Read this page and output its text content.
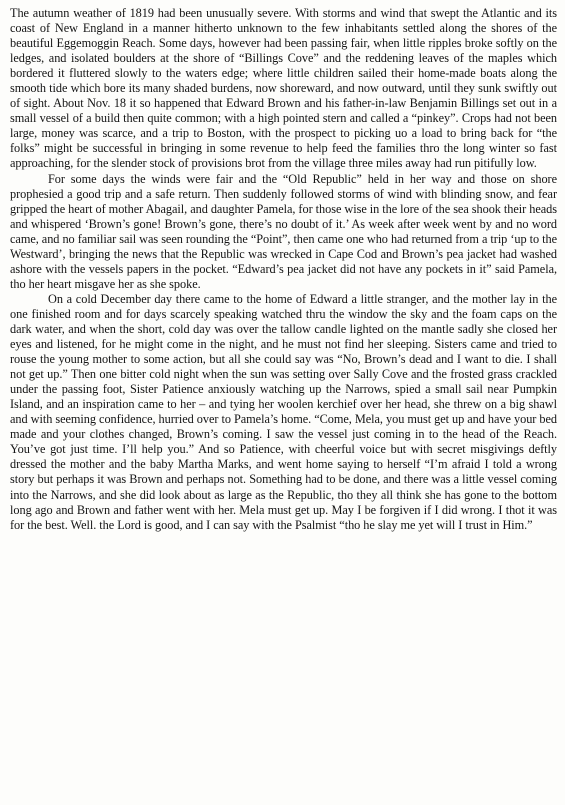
The autumn weather of 1819 had been unusually severe. With storms and wind that swept the Atlantic and its coast of New England in a manner hitherto unknown to the few inhabitants settled along the shores of the beautiful Eggemoggin Reach. Some days, however had been passing fair, when little ripples broke softly on the ledges, and isolated boulders at the shore of “Billings Cove” and the reddening leaves of the maples which bordered it fluttered slowly to the waters edge; where little children sailed their home-made boats along the smooth tide which bore its many shaded burdens, now shoreward, and now outward, until they sunk swiftly out of sight. About Nov. 18 it so happened that Edward Brown and his father-in-law Benjamin Billings set out in a small vessel of a build then quite common; with a high pointed stern and called a “pinkey”. Crops had not been large, money was scarce, and a trip to Boston, with the prospect to picking uo a load to bring back for “the folks” might be successful in bringing in some revenue to help feed the families thro the long winter so fast approaching, for the slender stock of provisions brot from the village three miles away had run pitifully low.

For some days the winds were fair and the “Old Republic” held in her way and those on shore prophesied a good trip and a safe return. Then suddenly followed storms of wind with blinding snow, and fear gripped the heart of mother Abagail, and daughter Pamela, for those wise in the lore of the sea shook their heads and whispered ‘Brown’s gone! Brown’s gone, there’s no doubt of it.’ As week after week went by and no word came, and no familiar sail was seen rounding the “Point”, then came one who had returned from a trip ‘up to the Westward’, bringing the news that the Republic was wrecked in Cape Cod and Brown’s pea jacket had washed ashore with the vessels papers in the pocket. “Edward’s pea jacket did not have any pockets in it” said Pamela, tho her heart misgave her as she spoke.

On a cold December day there came to the home of Edward a little stranger, and the mother lay in the one finished room and for days scarcely speaking watched thru the window the sky and the foam caps on the dark water, and when the short, cold day was over the tallow candle lighted on the mantle sadly she closed her eyes and listened, for he might come in the night, and he must not find her sleeping. Sisters came and tried to rouse the young mother to some action, but all she could say was “No, Brown’s dead and I want to die. I shall not get up.” Then one bitter cold night when the sun was setting over Sally Cove and the frosted grass crackled under the passing foot, Sister Patience anxiously watching up the Narrows, spied a small sail near Pumpkin Island, and an inspiration came to her – and tying her woolen kerchief over her head, she threw on a big shawl and with seeming confidence, hurried over to Pamela’s home. “Come, Mela, you must get up and have your bed made and your clothes changed, Brown’s coming. I saw the vessel just coming in to the head of the Reach. You’ve got just time. I’ll help you.” And so Patience, with cheerful voice but with secret misgivings deftly dressed the mother and the baby Martha Marks, and went home saying to herself “I’m afraid I told a wrong story but perhaps it was Brown and perhaps not. Something had to be done, and there was a little vessel coming into the Narrows, and she did look about as large as the Republic, tho they all think she has gone to the bottom long ago and Brown and father went with her. Mela must get up. May I be forgiven if I did wrong. I thot it was for the best. Well. the Lord is good, and I can say with the Psalmist “tho he slay me yet will I trust in Him.”
